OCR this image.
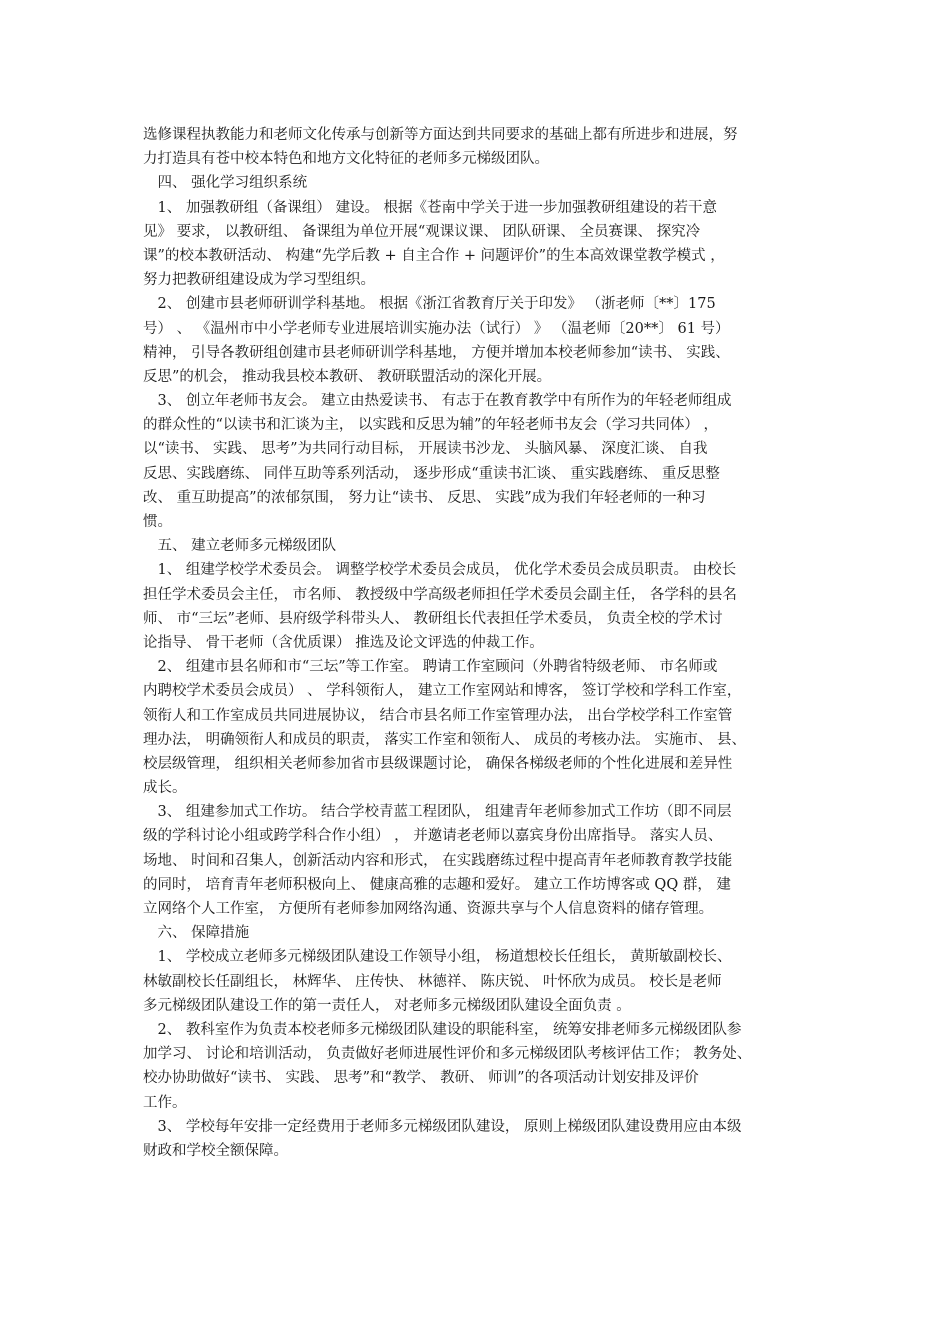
选修课程执教能力和老师文化传承与创新等方面达到共同要求的基础上都有所进步和进展，努
力打造具有苍中校本特色和地方文化特征的老师多元梯级团队。
　四、 强化学习组织系统
　1、 加强教研组（备课组） 建设。 根据《苍南中学关于进一步加强教研组建设的若干意
见》 要求， 以教研组、 备课组为单位开展“观课议课、 团队研课、 全员赛课、 探究冷
课”的校本教研活动、 构建“先学后教 + 自主合作 + 问题评价”的生本高效课堂教学模式 ，
努力把教研组建设成为学习型组织。
　2、 创建市县老师研训学科基地。 根据《浙江省教育厅关于印发》 （浙老师〔**〕175
号） 、 《温州市中小学老师专业进展培训实施办法（试行） 》 （温老师〔20**〕 61 号）
精神， 引导各教研组创建市县老师研训学科基地， 方便并增加本校老师参加“读书、 实践、
反思”的机会， 推动我县校本教研、 教研联盟活动的深化开展。
　3、 创立年老师书友会。 建立由热爱读书、 有志于在教育教学中有所作为的年轻老师组成
的群众性的“以读书和汇谈为主， 以实践和反思为辅”的年轻老师书友会（学习共同体） ，
以“读书、 实践、 思考”为共同行动目标， 开展读书沙龙、 头脑风暴、 深度汇谈、 自我
反思、实践磨练、 同伴互助等系列活动， 逐步形成“重读书汇谈、 重实践磨练、 重反思整
改、 重互助提高”的浓郁氛围， 努力让“读书、 反思、 实践”成为我们年轻老师的一种习
惯。
　五、 建立老师多元梯级团队
　1、 组建学校学术委员会。 调整学校学术委员会成员， 优化学术委员会成员职责。 由校长
担任学术委员会主任， 市名师、 教授级中学高级老师担任学术委员会副主任， 各学科的县名
师、 市“三坛”老师、县府级学科带头人、 教研组长代表担任学术委员， 负责全校的学术讨
论指导、 骨干老师（含优质课） 推选及论文评选的仲裁工作。
　2、 组建市县名师和市“三坛”等工作室。 聘请工作室顾问（外聘省特级老师、 市名师或
内聘校学术委员会成员） 、 学科领衔人， 建立工作室网站和博客， 签订学校和学科工作室，
领衔人和工作室成员共同进展协议， 结合市县名师工作室管理办法， 出台学校学科工作室管
理办法， 明确领衔人和成员的职责， 落实工作室和领衔人、 成员的考核办法。 实施市、 县、
校层级管理， 组织相关老师参加省市县级课题讨论， 确保各梯级老师的个性化进展和差异性
成长。
　3、 组建参加式工作坊。 结合学校青蓝工程团队， 组建青年老师参加式工作坊（即不同层
级的学科讨论小组或跨学科合作小组） ， 并邀请老老师以嘉宾身份出席指导。 落实人员、
场地、 时间和召集人，创新活动内容和形式， 在实践磨练过程中提高青年老师教育教学技能
的同时， 培育青年老师积极向上、 健康高雅的志趣和爱好。 建立工作坊博客或 QQ 群， 建
立网络个人工作室， 方便所有老师参加网络沟通、资源共享与个人信息资料的储存管理。
　六、 保障措施
　1、 学校成立老师多元梯级团队建设工作领导小组， 杨道想校长任组长， 黄斯敏副校长、
林敏副校长任副组长， 林辉华、 庄传快、 林德祥、 陈庆锐、 叶怀欣为成员。 校长是老师
多元梯级团队建设工作的第一责任人， 对老师多元梯级团队建设全面负责 。
　2、 教科室作为负责本校老师多元梯级团队建设的职能科室， 统筹安排老师多元梯级团队参
加学习、 讨论和培训活动， 负责做好老师进展性评价和多元梯级团队考核评估工作； 教务处、
校办协助做好“读书、 实践、 思考”和“教学、 教研、 师训”的各项活动计划安排及评价
工作。
　3、 学校每年安排一定经费用于老师多元梯级团队建设， 原则上梯级团队建设费用应由本级
财政和学校全额保障。
